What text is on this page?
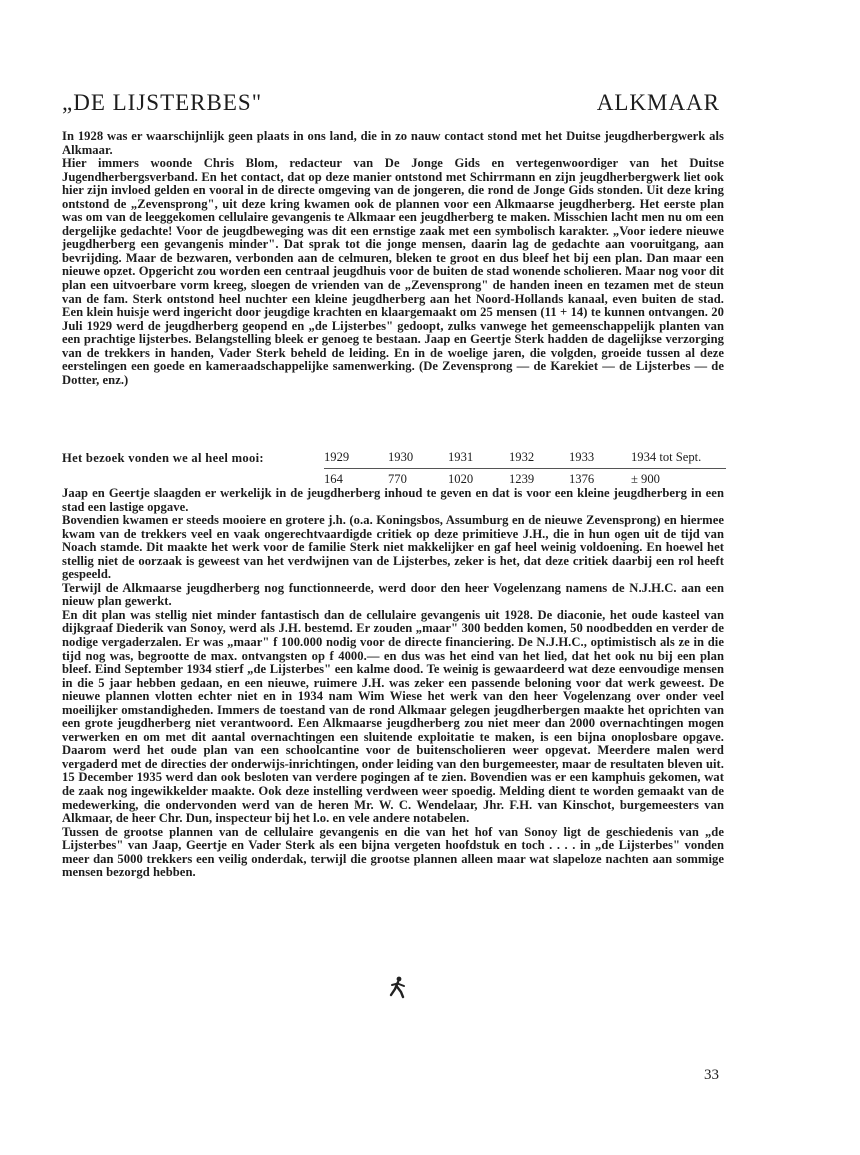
„DE LIJSTERBES"	ALKMAAR

In 1928 was er waarschijnlijk geen plaats in ons land, die in zo nauw contact stond met het Duitse jeugdherbergwerk als Alkmaar.

Hier immers woonde Chris Blom, redacteur van De Jonge Gids en vertegenwoordiger van het Duitse Jugendherbergsverband. En het contact, dat op deze manier ontstond met Schirrmann en zijn jeugdherbergwerk liet ook hier zijn invloed gelden en vooral in de directe omgeving van de jongeren, die rond de Jonge Gids stonden. Uit deze kring ontstond de „Zevensprong", uit deze kring kwamen ook de plannen voor een Alkmaarse jeugdherberg. Het eerste plan was om van de leeggekomen cellulaire gevangenis te Alkmaar een jeugdherberg te maken. Misschien lacht men nu om een dergelijke gedachte! Voor de jeugdbeweging was dit een ernstige zaak met een symbolisch karakter. „Voor iedere nieuwe jeugdherberg een gevangenis minder". Dat sprak tot die jonge mensen, daarin lag de gedachte aan vooruitgang, aan bevrijding. Maar de bezwaren, verbonden aan de celmuren, bleken te groot en dus bleef het bij een plan. Dan maar een nieuwe opzet. Opgericht zou worden een centraal jeugdhuis voor de buiten de stad wonende scholieren. Maar nog voor dit plan een uitvoerbare vorm kreeg, sloegen de vrienden van de „Zevensprong" de handen ineen en tezamen met de steun van de fam. Sterk ontstond heel nuchter een kleine jeugdherberg aan het Noord-Hollands kanaal, even buiten de stad. Een klein huisje werd ingericht door jeugdige krachten en klaargemaakt om 25 mensen (11 + 14) te kunnen ontvangen. 20 Juli 1929 werd de jeugdherberg geopend en „de Lijsterbes" gedoopt, zulks vanwege het gemeenschappelijk planten van een prachtige lijsterbes. Belangstelling bleek er genoeg te bestaan. Jaap en Geertje Sterk hadden de dagelijkse verzorging van de trekkers in handen, Vader Sterk beheld de leiding. En in de woelige jaren, die volgden, groeide tussen al deze eerstelingen een goede en kameraadschappelijke samenwerking. (De Zevensprong — de Karekiet — de Lijsterbes — de Dotter, enz.)

Het bezoek vonden we al heel mooi:	1929	1930	1931	1932	1933	1934 tot Sept.
164	770	1020	1239	1376	± 900

Jaap en Geertje slaagden er werkelijk in de jeugdherberg inhoud te geven en dat is voor een kleine jeugdherberg in een stad een lastige opgave.

Bovendien kwamen er steeds mooiere en grotere j.h. (o.a. Koningsbos, Assumburg en de nieuwe Zevensprong) en hiermee kwam van de trekkers veel en vaak ongerechtvaardigde critiek op deze primitieve J.H., die in hun ogen uit de tijd van Noach stamde. Dit maakte het werk voor de familie Sterk niet makkelijker en gaf heel weinig voldoening. En hoewel het stellig niet de oorzaak is geweest van het verdwijnen van de Lijsterbes, zeker is het, dat deze critiek daarbij een rol heeft gespeeld.

Terwijl de Alkmaarse jeugdherberg nog functionneerde, werd door den heer Vogelenzang namens de N.J.H.C. aan een nieuw plan gewerkt.

En dit plan was stellig niet minder fantastisch dan de cellulaire gevangenis uit 1928. De diaconie, het oude kasteel van dijkgraaf Diederik van Sonoy, werd als J.H. bestemd. Er zouden „maar" 300 bedden komen, 50 noodbedden en verder de nodige vergaderzalen. Er was „maar" f 100.000 nodig voor de directe financiering. De N.J.H.C., optimistisch als ze in die tijd nog was, begrootte de max. ontvangsten op f 4000.— en dus was het eind van het lied, dat het ook nu bij een plan bleef. Eind September 1934 stierf „de Lijsterbes" een kalme dood. Te weinig is gewaardeerd wat deze eenvoudige mensen in die 5 jaar hebben gedaan, en een nieuwe, ruimere J.H. was zeker een passende beloning voor dat werk geweest. De nieuwe plannen vlotten echter niet en in 1934 nam Wim Wiese het werk van den heer Vogelenzang over onder veel moeilijker omstandigheden. Immers de toestand van de rond Alkmaar gelegen jeugdherbergen maakte het oprichten van een grote jeugdherberg niet verantwoord. Een Alkmaarse jeugdherberg zou niet meer dan 2000 overnachtingen mogen verwerken en om met dit aantal overnachtingen een sluitende exploitatie te maken, is een bijna onoplosbare opgave. Daarom werd het oude plan van een schoolcantine voor de buitenscholieren weer opgevat. Meerdere malen werd vergaderd met de directies der onderwijs-inrichtingen, onder leiding van den burgemeester, maar de resultaten bleven uit. 15 December 1935 werd dan ook besloten van verdere pogingen af te zien. Bovendien was er een kamphuis gekomen, wat de zaak nog ingewikkelder maakte. Ook deze instelling verdween weer spoedig. Melding dient te worden gemaakt van de medewerking, die ondervonden werd van de heren Mr. W. C. Wendelaar, Jhr. F.H. van Kinschot, burgemeesters van Alkmaar, de heer Chr. Dun, inspecteur bij het l.o. en vele andere notabelen.

Tussen de grootse plannen van de cellulaire gevangenis en die van het hof van Sonoy ligt de geschiedenis van „de Lijsterbes" van Jaap, Geertje en Vader Sterk als een bijna vergeten hoofdstuk en toch . . . . in „de Lijsterbes" vonden meer dan 5000 trekkers een veilig onderdak, terwijl die grootse plannen alleen maar wat slapeloze nachten aan sommige mensen bezorgd hebben.

33
